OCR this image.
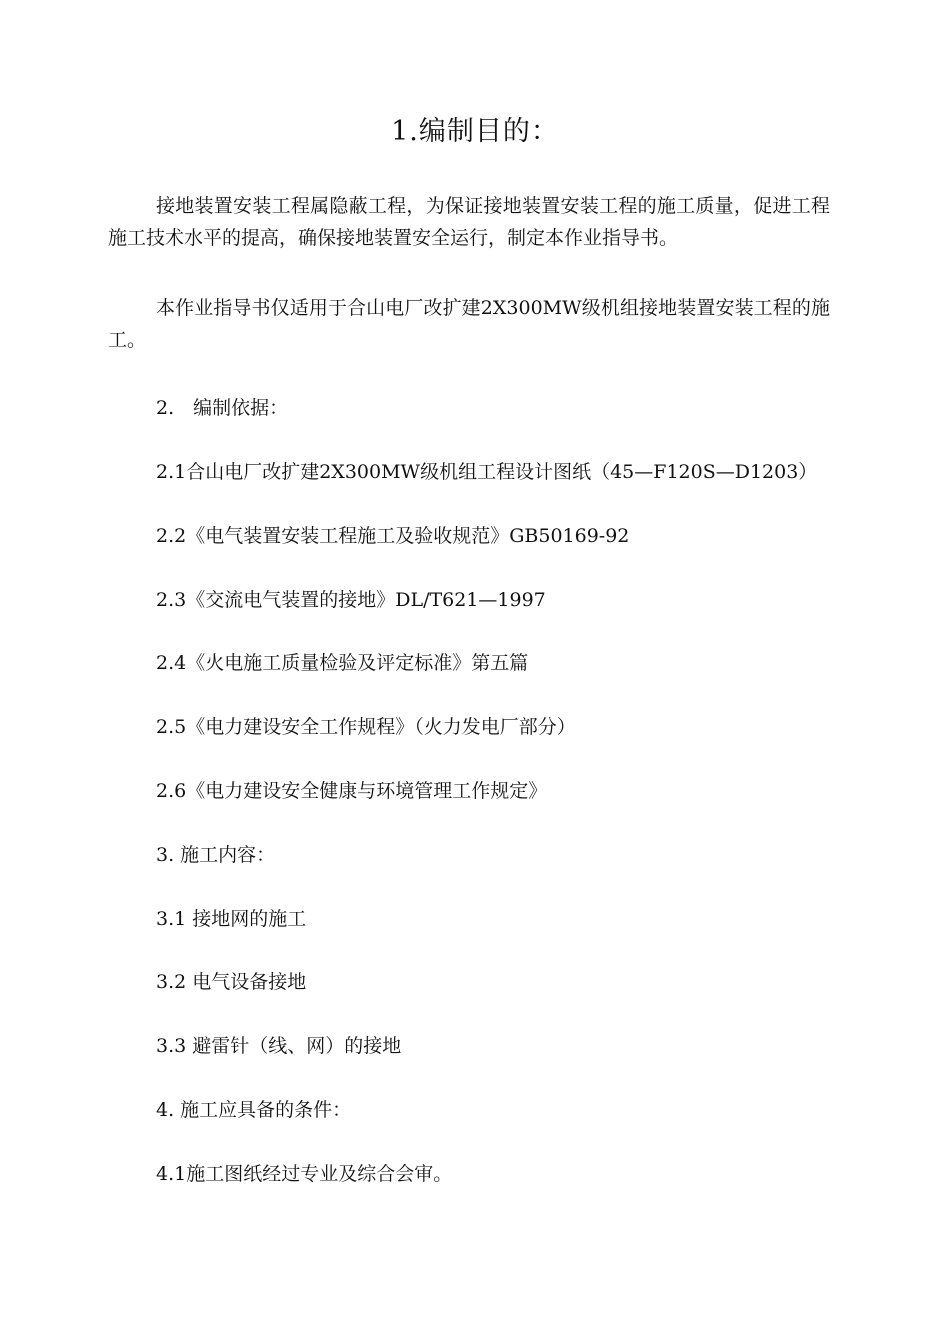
1.编制目的：

接地装置安装工程属隐蔽工程，为保证接地装置安装工程的施工质量，促进工程施工技术水平的提高，确保接地装置安全运行，制定本作业指导书。

本作业指导书仅适用于合山电厂改扩建2X300MW级机组接地装置安装工程的施工。

2.　编制依据：

2.1合山电厂改扩建2X300MW级机组工程设计图纸（45—F120S—D1203）

2.2《电气装置安装工程施工及验收规范》GB50169-92

2.3《交流电气装置的接地》DL/T621—1997

2.4《火电施工质量检验及评定标准》第五篇

2.5《电力建设安全工作规程》（火力发电厂部分）

2.6《电力建设安全健康与环境管理工作规定》

3. 施工内容：

3.1 接地网的施工

3.2 电气设备接地

3.3 避雷针（线、网）的接地

4. 施工应具备的条件：

4.1施工图纸经过专业及综合会审。
